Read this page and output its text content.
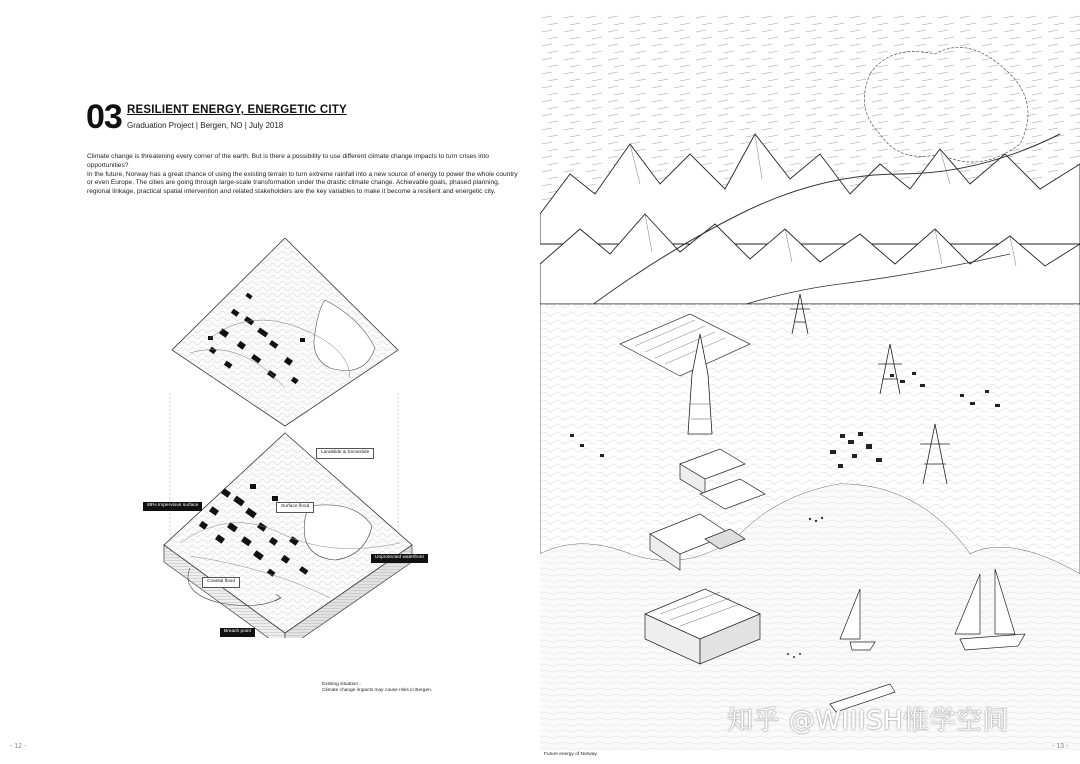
03 RESILIENT ENERGY, ENERGETIC CITY
Graduation Project | Bergen, NO | July 2018

Climate change is threatening every corner of the earth. But is there a possibility to use different climate change impacts to turn crises into opportunities?

In the future, Norway has a great chance of using the existing terrain to turn extreme rainfall into a new source of energy to power the whole country or even Europe. The cities are going through large-scale transformation under the drastic climate change. Achievable goals, phased planning, regional linkage, practical spatial intervention and related stakeholders are the key variables to make it become a resilient and energetic city.

Landslide & Snowslide
89% Impervious surface	Surface flood
Unprotected waterfront
Coastal flood
Breach point
Existing situation :
Climate change impacts may cause risks in Bergen.
- 12 -
知乎 @WIIISH惟学空间
Future energy of Norway.
- 13 -
